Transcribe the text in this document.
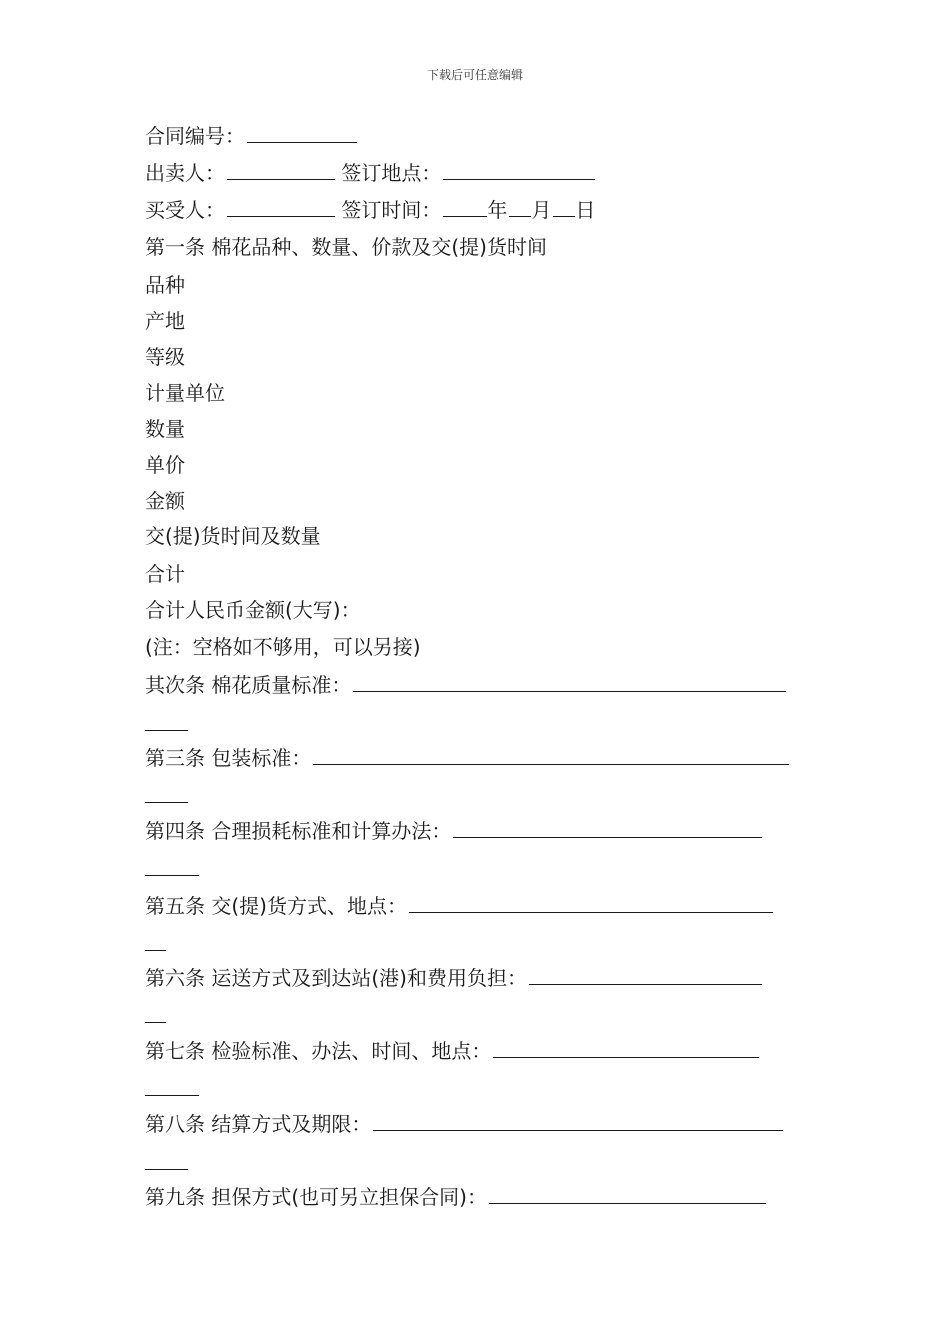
下载后可任意编辑
合同编号：
出卖人：	签订地点：
买受人：	签订时间： 年 月 日
第一条 棉花品种、数量、价款及交(提)货时间
品种
产地
等级
计量单位
数量
单价
金额
交(提)货时间及数量
合计
合计人民币金额(大写)：
(注：空格如不够用，可以另接)
其次条 棉花质量标准：
第三条 包装标准：
第四条 合理损耗标准和计算办法：
第五条 交(提)货方式、地点：
第六条 运送方式及到达站(港)和费用负担：
第七条 检验标准、办法、时间、地点：
第八条 结算方式及期限：
第九条 担保方式(也可另立担保合同)：
